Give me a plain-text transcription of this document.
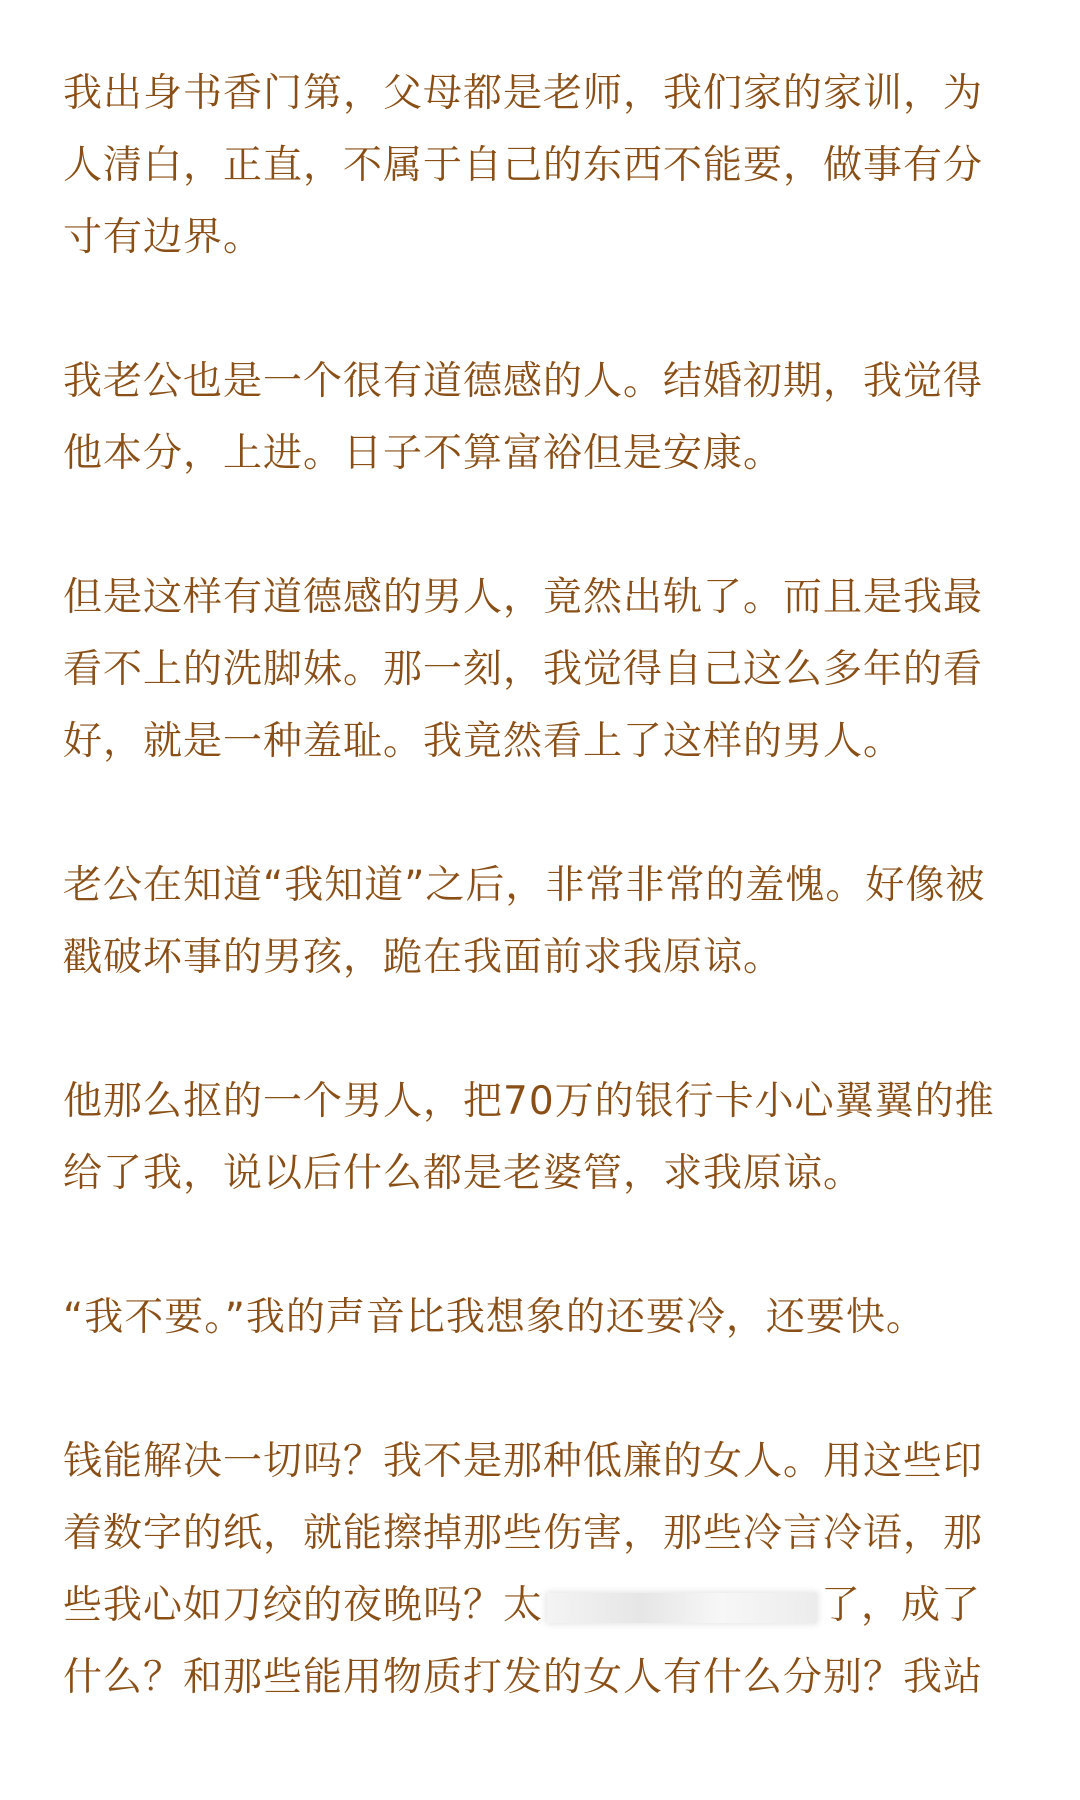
我出身书香门第，父母都是老师，我们家的家训，为
人清白，正直，不属于自己的东西不能要，做事有分
寸有边界。

我老公也是一个很有道德感的人。结婚初期，我觉得
他本分，上进。日子不算富裕但是安康。

但是这样有道德感的男人，竟然出轨了。而且是我最
看不上的洗脚妹。那一刻，我觉得自己这么多年的看
好，就是一种羞耻。我竟然看上了这样的男人。

老公在知道“我知道”之后，非常非常的羞愧。好像被
戳破坏事的男孩，跪在我面前求我原谅。

他那么抠的一个男人，把70万的银行卡小心翼翼的推
给了我，说以后什么都是老婆管，求我原谅。

“我不要。”我的声音比我想象的还要冷，还要快。

钱能解决一切吗？我不是那种低廉的女人。用这些印
着数字的纸，就能擦掉那些伤害，那些冷言冷语，那
些我心如刀绞的夜晚吗？太	了，成了
什么？和那些能用物质打发的女人有什么分别？我站
